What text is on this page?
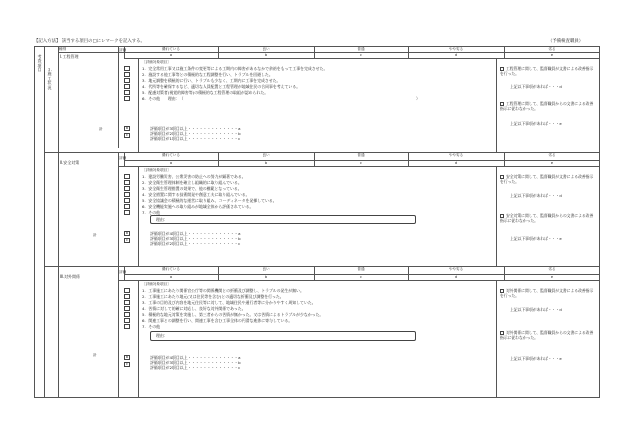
【記入方法】 該当する項目の□にレマークを記入する。	（予備検査職員）
種別
考査項目 ３．施工状況
Ⅰ.工程管理
評価	優れている	良い	普通	やや劣る	劣る
a	b	c	d	e
［評価対象項目］
1．完全常用工事又は施工条件の変更等による工期内の障害があるなかで余裕をもって工事を完成させた。
2．施設する他工事等との積極的な工程調整を行い、トラブルを回避した。
3．地元調整を積極的に行い、トラブルも少なく、工期内に工事を完成させた。
4．代所等を確保するなど、適切な人員配置と工程管理が地域住民の合同事を考えている。
5．配慮対策者(視覚的障害等)の積極的な工程管理の取組が認められた。
6．その他　　理由：（	）
計	b
c
評価項目が3項目以上・・・・・・・・・・・・・a
評価項目が2項目以上・・・・・・・・・・・・・b
評価項目が1項目以上・・・・・・・・・・・・・c
工程管理に関して、監督職員が文書による改善指示を行った。
上記以下事項があれば・・・d
工程管理に関して、監督職員からの文書による改善指示に従わなかった。
上記以下事項があれば・・・e
Ⅱ.安全対策
評価
優れている	良い	普通	やや劣る	劣る
a	b	c	d	e
［評価対象項目］
1．建設労働災害、公衆災害の防止への努力が顕著である。
2．安全衛生管理体制を確立し組織的に取り組んでいる。
3．安全衛生管理措置の効果で、他の模範となっている。
4．安全措置に関する技術開発や創意工夫に取り組んでいる。
5．安全協議会の積極的な運営に取り組み、コーディネータを発揮している。
6．安全機能実施への取り組みが地域全体から評価されている。
7．その他
理由：
計
b
c
評価項目が4項目以上・・・・・・・・・・・・・a
評価項目が3項目以上・・・・・・・・・・・・・b
評価項目が2項目以上・・・・・・・・・・・・・c
安全対策に関して、監督職員が文書による改善指示を行った。
上記以下事項があれば・・・d
安全対策に関して、監督職員からの文書による改善指示に従わなかった。
上記以下事項があれば・・・e
Ⅲ.対外関係
評価
優れている	良い	普通	やや劣る	劣る
a	b	c	d	e
［評価対象項目］
1．工事施工にあたり関係官公庁等の関係機関との折衝及び調整し、トラブルの発生が無い。
2．工事施工にあたり地元(又は住民等を含む)との適切な折衝及び調整を行った。
3．工事の目的及び内容を地元住民等に対して、地域住民や通行者等に分かりやすく周知していた。
4．苦情に対して的確に対応し、良好な対外関係であった。
5．積極的な地元対策を実施し、第三者からの苦情が無かった。又は苦情によるトラブルが少なかった。
6．関連工事との調整を行い、関連工事を含む工事全体の円滑な進捗に寄与している。
7．その他
理由：
計	b
c
評価項目が4項目以上・・・・・・・・・・・・・a
評価項目が3項目以上・・・・・・・・・・・・・b
評価項目が2項目以上・・・・・・・・・・・・・c
対外関係に関して、監督職員が文書による改善指示を行った。
上記以下事項があれば・・・d
対外関係に関して、監督職員からの文書による改善指示に従わなかった。
上記以下事項があれば・・・e
